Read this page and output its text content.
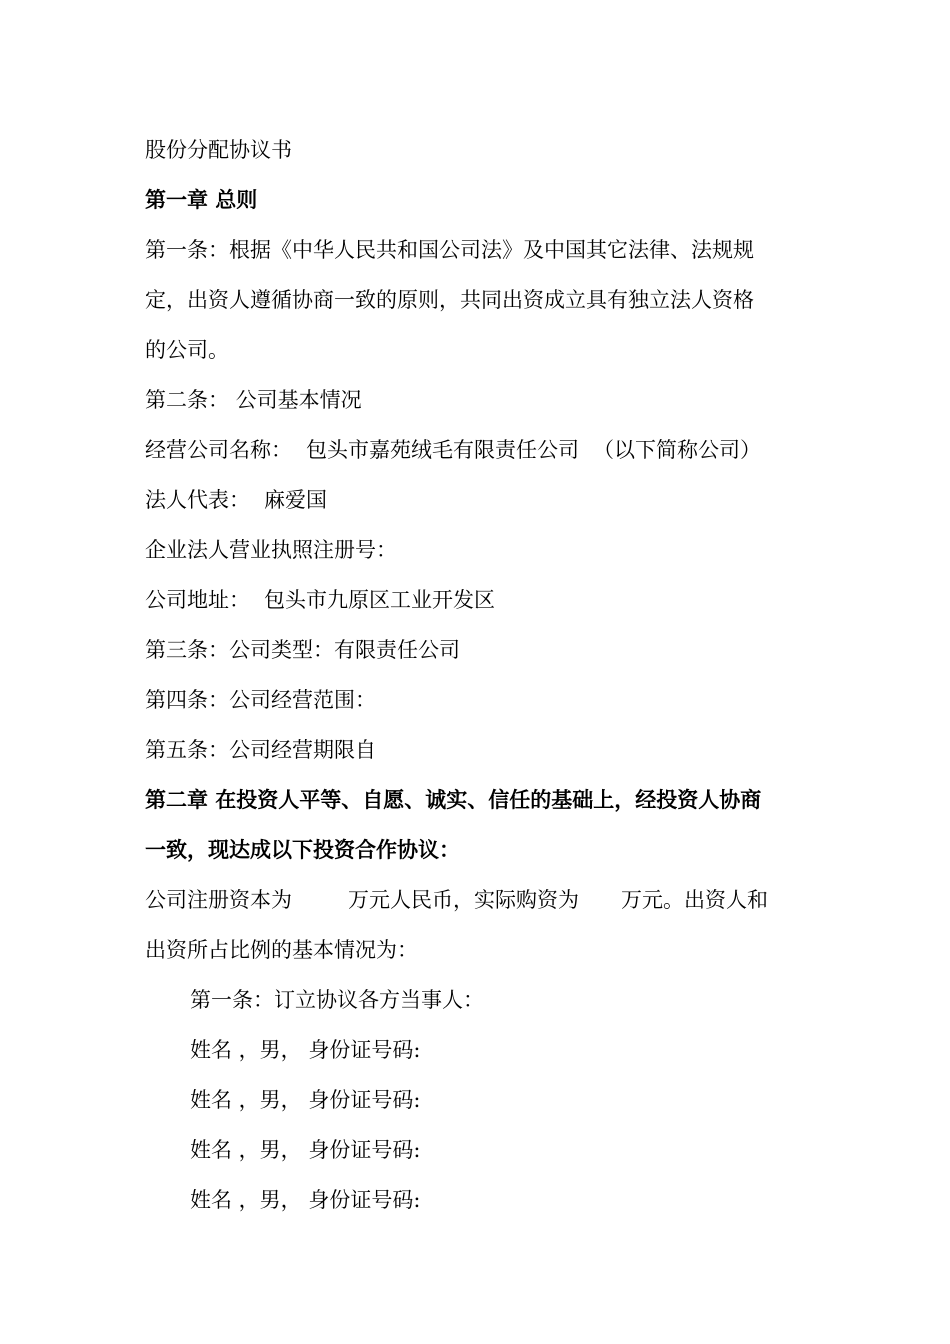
股份分配协议书
第一章 总则
第一条：根据《中华人民共和国公司法》及中国其它法律、法规规
定，出资人遵循协商一致的原则，共同出资成立具有独立法人资格
的公司。
第二条： 公司基本情况
经营公司名称： 包头市嘉苑绒毛有限责任公司 （以下简称公司）
法人代表： 麻爱国
企业法人营业执照注册号：
公司地址： 包头市九原区工业开发区
第三条：公司类型：有限责任公司
第四条：公司经营范围：
第五条：公司经营期限自
第二章 在投资人平等、自愿、诚实、信任的基础上，经投资人协商
一致，现达成以下投资合作协议：
公司注册资本为	万元人民币，实际购资为 万元。出资人和
出资所占比例的基本情况为：
第一条：订立协议各方当事人：
姓名 ，男， 身份证号码:
姓名 ，男， 身份证号码:
姓名 ，男， 身份证号码:
姓名 ，男， 身份证号码:
